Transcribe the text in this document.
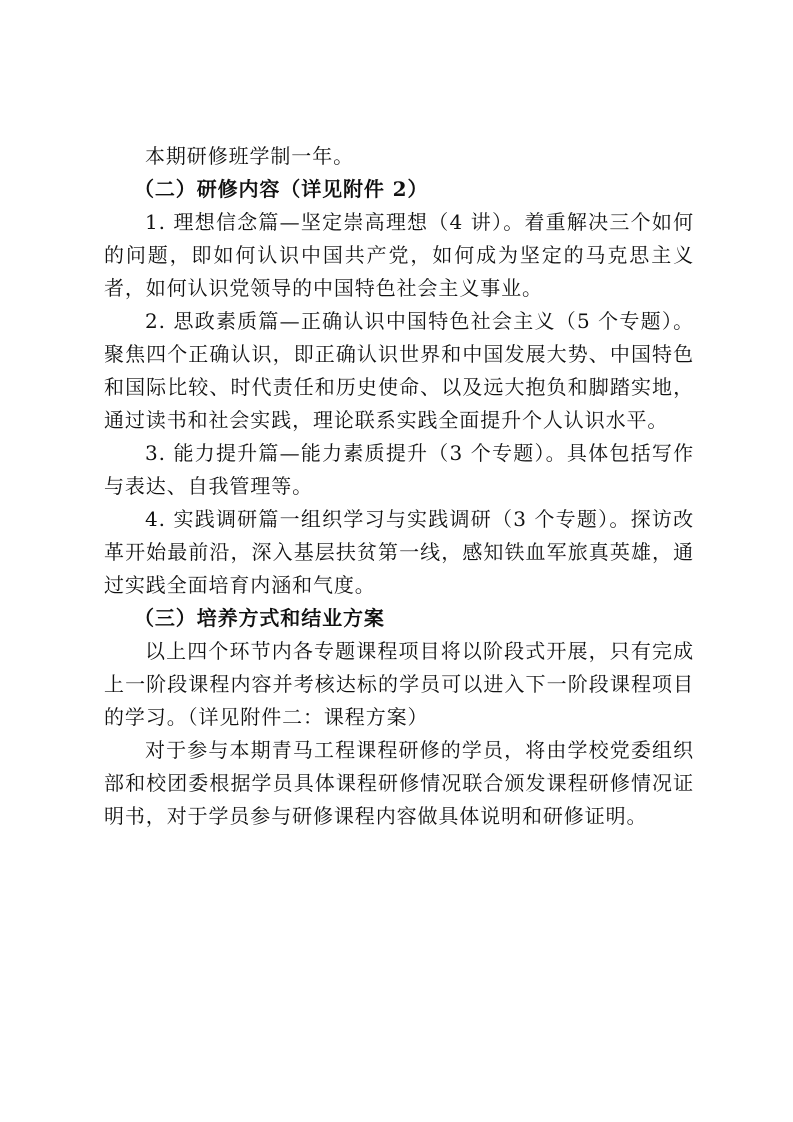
本期研修班学制一年。

（二）研修内容（详见附件 2）

1. 理想信念篇—坚定崇高理想（4 讲）。着重解决三个如何的问题，即如何认识中国共产党，如何成为坚定的马克思主义者，如何认识党领导的中国特色社会主义事业。

2. 思政素质篇—正确认识中国特色社会主义（5 个专题）。聚焦四个正确认识，即正确认识世界和中国发展大势、中国特色和国际比较、时代责任和历史使命、以及远大抱负和脚踏实地，通过读书和社会实践，理论联系实践全面提升个人认识水平。

3. 能力提升篇—能力素质提升（3 个专题）。具体包括写作与表达、自我管理等。

4. 实践调研篇一组织学习与实践调研（3 个专题）。探访改革开始最前沿，深入基层扶贫第一线，感知铁血军旅真英雄，通过实践全面培育内涵和气度。

（三）培养方式和结业方案

以上四个环节内各专题课程项目将以阶段式开展，只有完成上一阶段课程内容并考核达标的学员可以进入下一阶段课程项目的学习。（详见附件二：课程方案）

对于参与本期青马工程课程研修的学员，将由学校党委组织部和校团委根据学员具体课程研修情况联合颁发课程研修情况证明书，对于学员参与研修课程内容做具体说明和研修证明。
